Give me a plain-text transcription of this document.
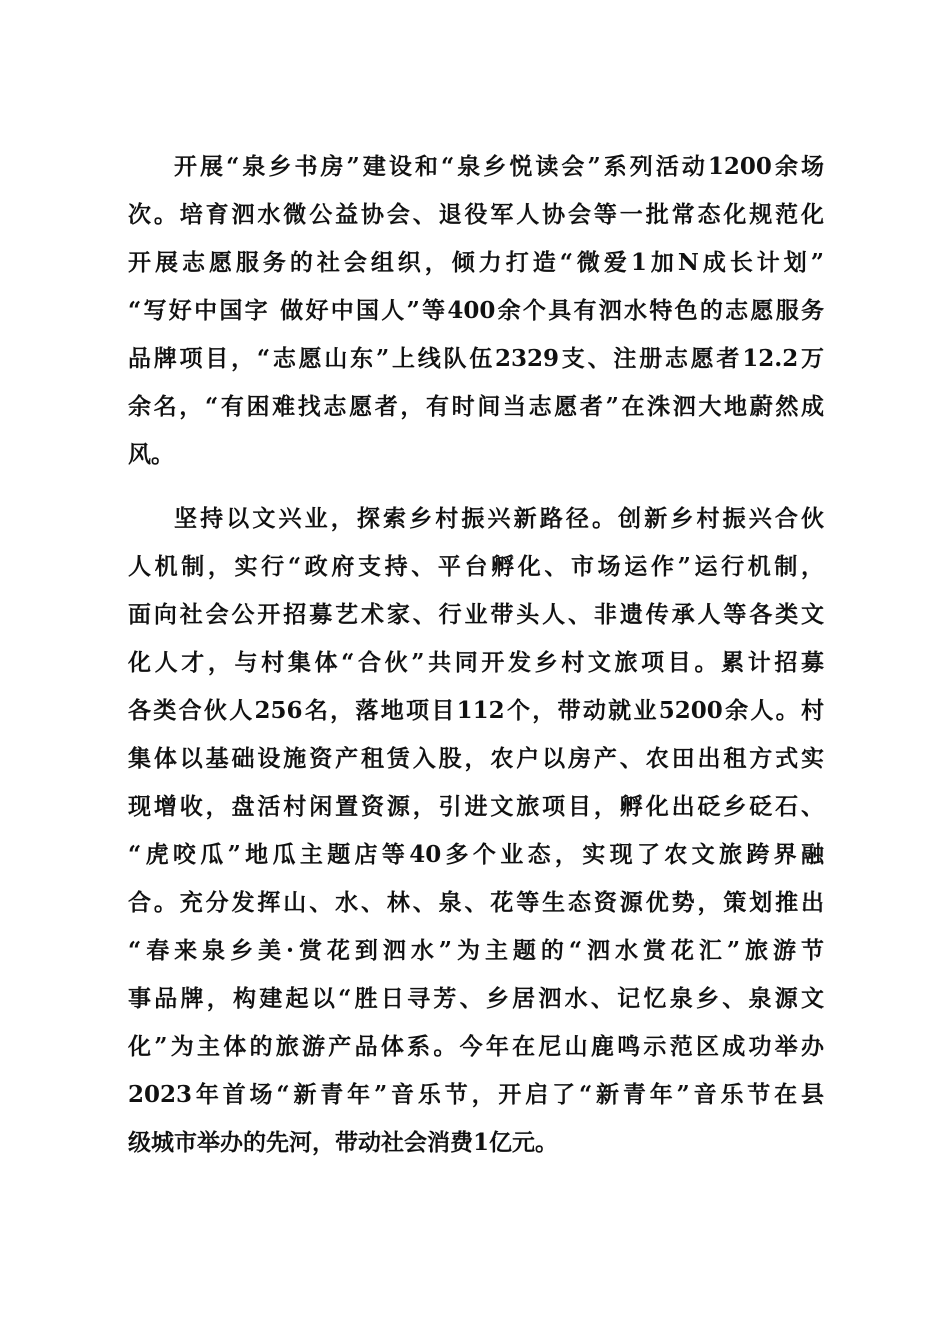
开展“泉乡书房”建设和“泉乡悦读会”系列活动1200余场
次。培育泗水微公益协会、退役军人协会等一批常态化规范化
开展志愿服务的社会组织，倾力打造“微爱1加N成长计划”
“写好中国字 做好中国人”等400余个具有泗水特色的志愿服务
品牌项目，“志愿山东”上线队伍2329支、注册志愿者12.2万
余名，“有困难找志愿者，有时间当志愿者”在洙泗大地蔚然成
风。
坚持以文兴业，探索乡村振兴新路径。创新乡村振兴合伙
人机制，实行“政府支持、平台孵化、市场运作”运行机制，
面向社会公开招募艺术家、行业带头人、非遗传承人等各类文
化人才，与村集体“合伙”共同开发乡村文旅项目。累计招募
各类合伙人256名，落地项目112个，带动就业5200余人。村
集体以基础设施资产租赁入股，农户以房产、农田出租方式实
现增收，盘活村闲置资源，引进文旅项目，孵化出砭乡砭石、
“虎咬瓜”地瓜主题店等40多个业态，实现了农文旅跨界融
合。充分发挥山、水、林、泉、花等生态资源优势，策划推出
“春来泉乡美·赏花到泗水”为主题的“泗水赏花汇”旅游节
事品牌，构建起以“胜日寻芳、乡居泗水、记忆泉乡、泉源文
化”为主体的旅游产品体系。今年在尼山鹿鸣示范区成功举办
2023年首场“新青年”音乐节，开启了“新青年”音乐节在县
级城市举办的先河，带动社会消费1亿元。
